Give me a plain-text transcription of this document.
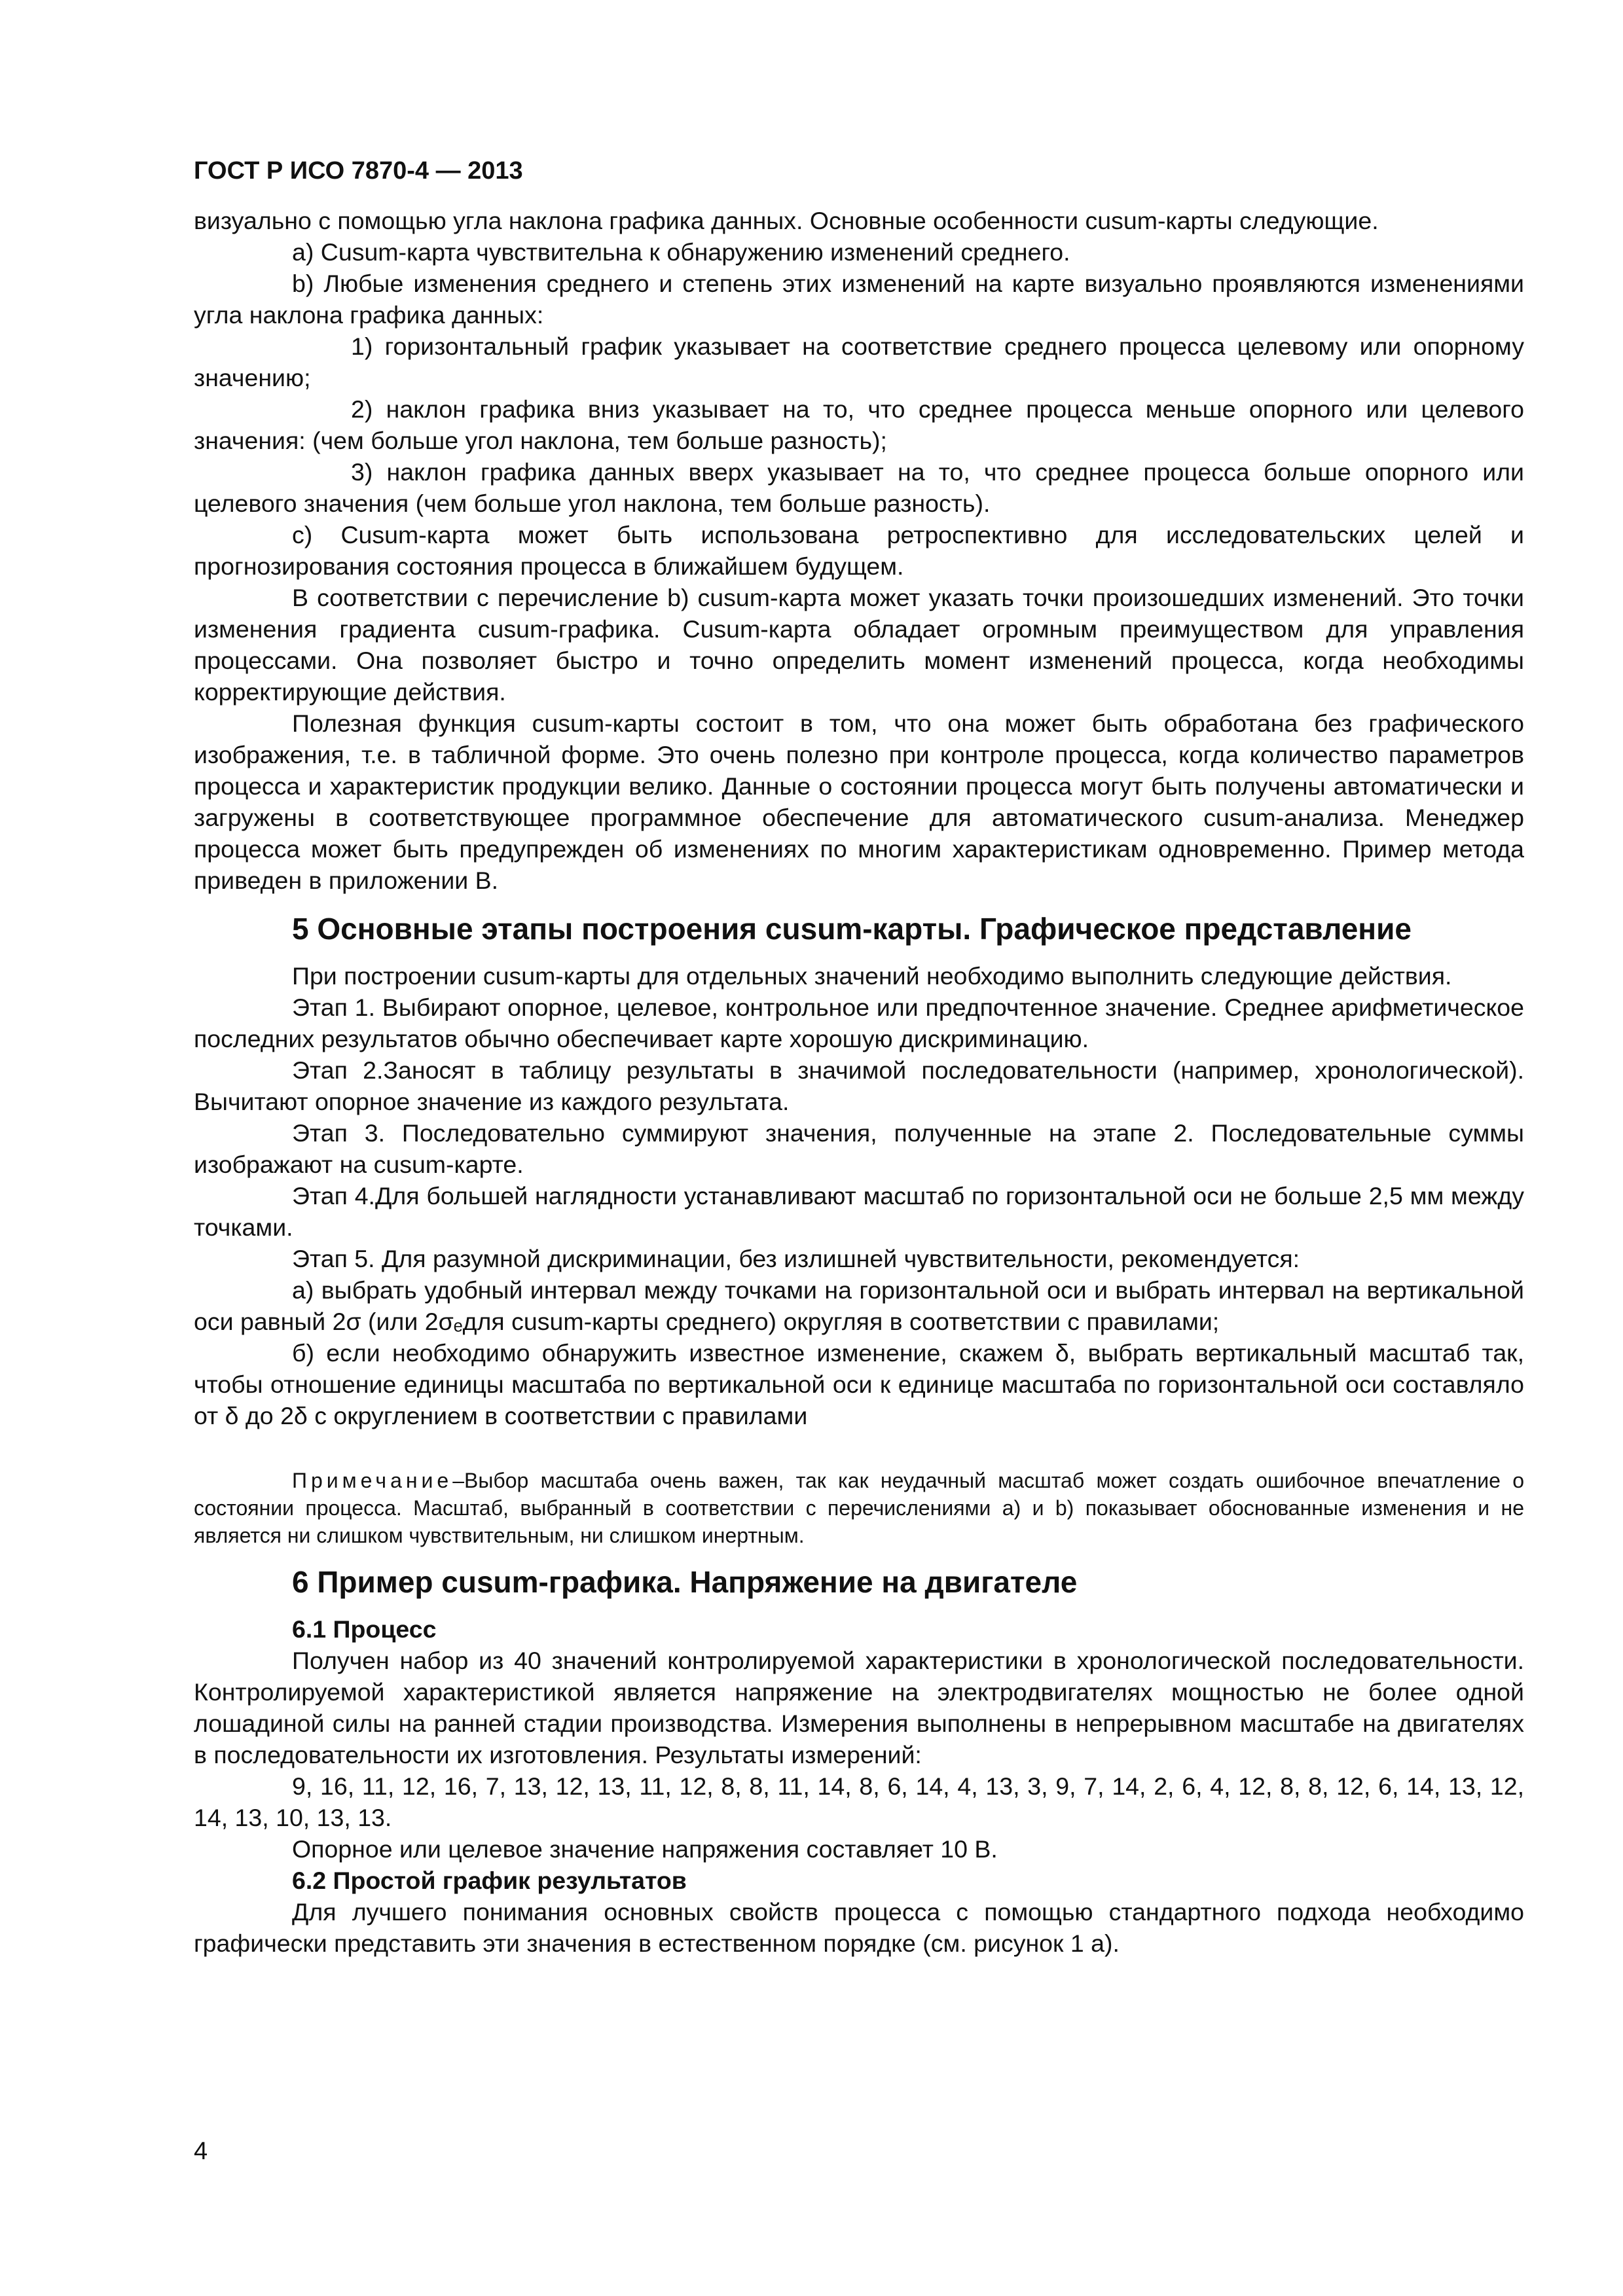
ГОСТ Р ИСО 7870-4 — 2013

визуально с помощью угла наклона графика данных. Основные особенности cusum-карты следующие.

a) Cusum-карта чувствительна к обнаружению изменений среднего.

b) Любые изменения среднего и степень этих изменений на карте визуально проявляются изменениями угла наклона графика данных:

1) горизонтальный график указывает на соответствие среднего процесса целевому или опорному значению;

2) наклон графика вниз указывает на то, что среднее процесса меньше опорного или целевого значения: (чем больше угол наклона, тем больше разность);

3) наклон графика данных вверх указывает на то, что среднее процесса больше опорного или целевого значения (чем больше угол наклона, тем больше разность).

c) Cusum-карта может быть использована ретроспективно для исследовательских целей и прогнозирования состояния процесса в ближайшем будущем.

В соответствии с перечисление b) cusum-карта может указать точки произошедших изменений. Это точки изменения градиента cusum-графика. Cusum-карта обладает огромным преимуществом для управления процессами. Она позволяет быстро и точно определить момент изменений процесса, когда необходимы корректирующие действия.

Полезная функция cusum-карты состоит в том, что она может быть обработана без графического изображения, т.е. в табличной форме. Это очень полезно при контроле процесса, когда количество параметров процесса и характеристик продукции велико. Данные о состоянии процесса могут быть получены автоматически и загружены в соответствующее программное обеспечение для автоматического cusum-анализа. Менеджер процесса может быть предупрежден об изменениях по многим характеристикам одновременно. Пример метода приведен в приложении В.

5 Основные этапы построения cusum-карты. Графическое представление

При построении cusum-карты для отдельных значений необходимо выполнить следующие действия.

Этап 1. Выбирают опорное, целевое, контрольное или предпочтенное значение. Среднее арифметическое последних результатов обычно обеспечивает карте хорошую дискриминацию.

Этап 2.Заносят в таблицу результаты в значимой последовательности (например, хронологической). Вычитают опорное значение из каждого результата.

Этап 3. Последовательно суммируют значения, полученные на этапе 2. Последовательные суммы изображают на cusum-карте.

Этап 4.Для большей наглядности устанавливают масштаб по горизонтальной оси не больше 2,5 мм между точками.

Этап 5. Для разумной дискриминации, без излишней чувствительности, рекомендуется:

а) выбрать удобный интервал между точками на горизонтальной оси и выбрать интервал на вертикальной оси равный 2σ (или 2σₑдля cusum-карты среднего) округляя в соответствии с правилами;

б) если необходимо обнаружить известное изменение, скажем δ, выбрать вертикальный масштаб так, чтобы отношение единицы масштаба по вертикальной оси к единице масштаба по горизонтальной оси составляло от δ до 2δ с округлением в соответствии с правилами

Примечание–Выбор масштаба очень важен, так как неудачный масштаб может создать ошибочное впечатление о состоянии процесса. Масштаб, выбранный в соответствии с перечислениями а) и b) показывает обоснованные изменения и не является ни слишком чувствительным, ни слишком инертным.
6 Пример cusum-графика. Напряжение на двигателе
6.1 Процесс

Получен набор из 40 значений контролируемой характеристики в хронологической последовательности. Контролируемой характеристикой является напряжение на электродвигателях мощностью не более одной лошадиной силы на ранней стадии производства. Измерения выполнены в непрерывном масштабе на двигателях в последовательности их изготовления. Результаты измерений:

9, 16, 11, 12, 16, 7, 13, 12, 13, 11, 12, 8, 8, 11, 14, 8, 6, 14, 4, 13, 3, 9, 7, 14, 2, 6, 4, 12, 8, 8, 12, 6, 14, 13, 12, 14, 13, 10, 13, 13.

Опорное или целевое значение напряжения составляет 10 В.

6.2 Простой график результатов

Для лучшего понимания основных свойств процесса с помощью стандартного подхода необходимо графически представить эти значения в естественном порядке (см. рисунок 1 а).

4
